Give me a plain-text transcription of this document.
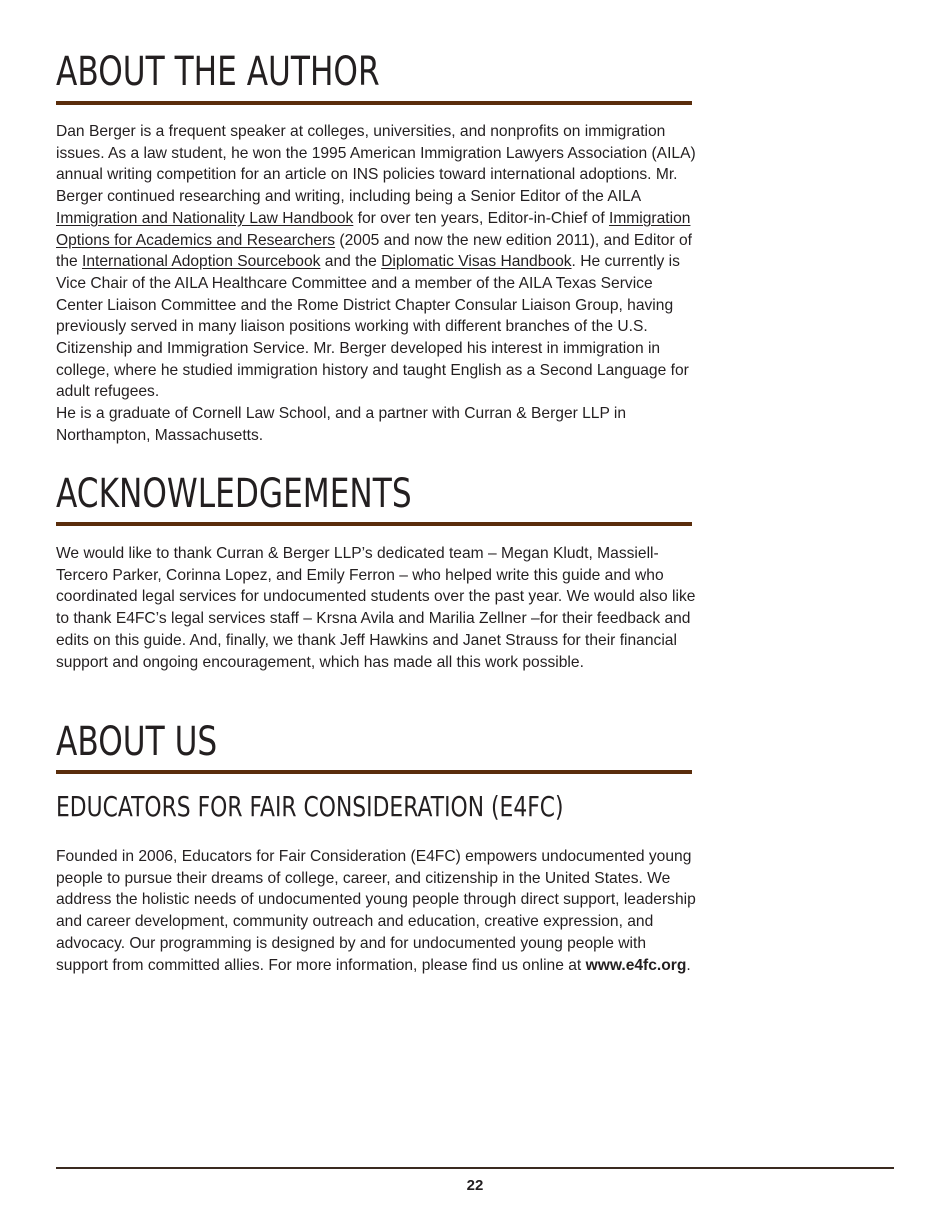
ABOUT THE AUTHOR

Dan Berger is a frequent speaker at colleges, universities, and nonprofits on immigration issues. As a law student, he won the 1995 American Immigration Lawyers Association (AILA) annual writing competition for an article on INS policies toward international adoptions. Mr. Berger continued researching and writing, including being a Senior Editor of the AILA Immigration and Nationality Law Handbook for over ten years, Editor-in-Chief of Immigration Options for Academics and Researchers (2005 and now the new edition 2011), and Editor of the International Adoption Sourcebook and the Diplomatic Visas Handbook. He currently is Vice Chair of the AILA Healthcare Committee and a member of the AILA Texas Service Center Liaison Committee and the Rome District Chapter Consular Liaison Group, having previously served in many liaison positions working with different branches of the U.S. Citizenship and Immigration Service. Mr. Berger developed his interest in immigration in college, where he studied immigration history and taught English as a Second Language for adult refugees.
He is a graduate of Cornell Law School, and a partner with Curran & Berger LLP in Northampton, Massachusetts.

ACKNOWLEDGEMENTS

We would like to thank Curran & Berger LLP’s dedicated team – Megan Kludt, Massiell-Tercero Parker, Corinna Lopez, and Emily Ferron – who helped write this guide and who coordinated legal services for undocumented students over the past year. We would also like to thank E4FC’s legal services staff – Krsna Avila and Marilia Zellner –for their feedback and edits on this guide. And, finally, we thank Jeff Hawkins and Janet Strauss for their financial support and ongoing encouragement, which has made all this work possible.

ABOUT US
EDUCATORS FOR FAIR CONSIDERATION (E4FC)

Founded in 2006, Educators for Fair Consideration (E4FC) empowers undocumented young people to pursue their dreams of college, career, and citizenship in the United States. We address the holistic needs of undocumented young people through direct support, leadership and career development, community outreach and education, creative expression, and advocacy. Our programming is designed by and for undocumented young people with support from committed allies. For more information, please find us online at www.e4fc.org.

22
